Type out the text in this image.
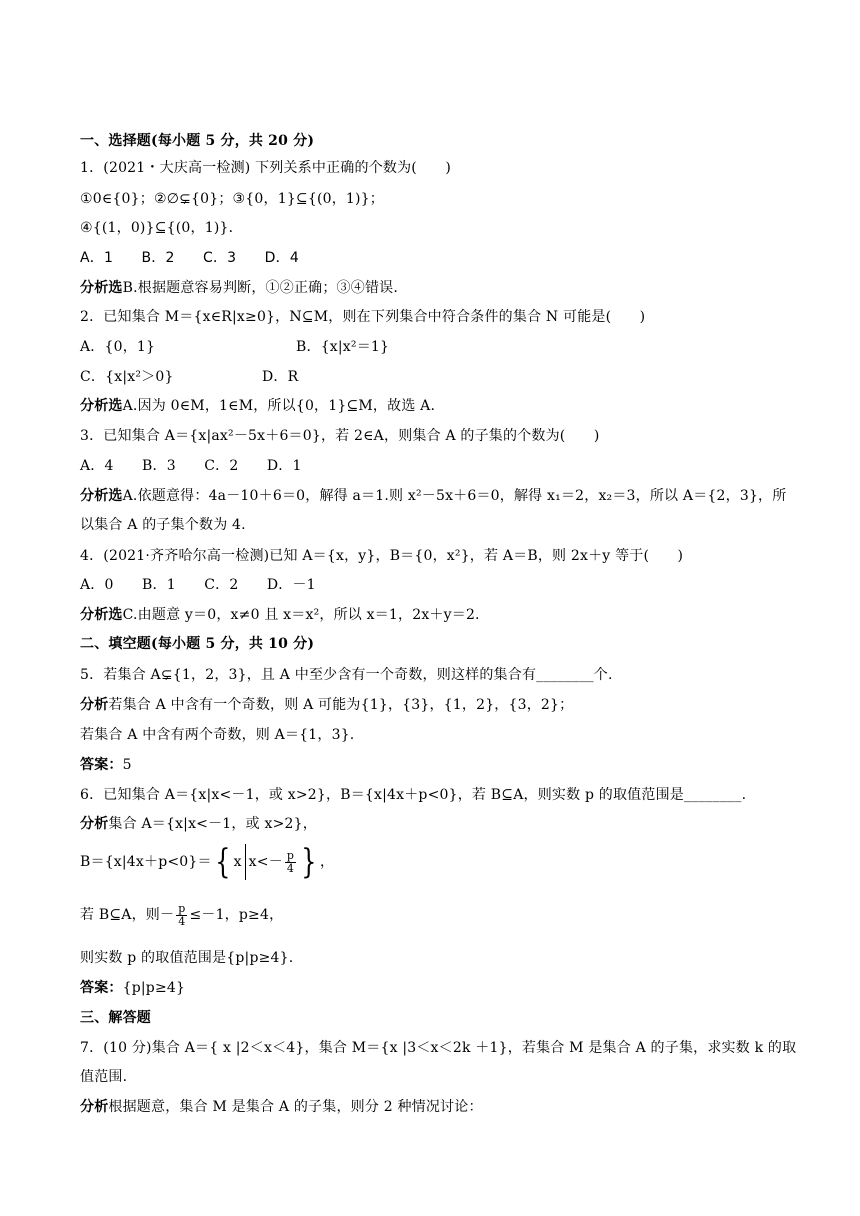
一、选择题(每小题 5 分，共 20 分)
1．(2021・大庆高一检测) 下列关系中正确的个数为(　　)
①0∈{0}；②∅⊊{0}；③{0，1}⊆{(0，1)}；
④{(1，0)}⊆{(0，1)}．
A．1　　B．2　　C．3　　D．4
分析选B.根据题意容易判断，①②正确；③④错误.
2．已知集合 M＝{x∈R|x≥0}，N⊆M，则在下列集合中符合条件的集合 N 可能是(　　)
A．{0，1}	B．{x|x²＝1}
C．{x|x²＞0}	D．R
分析选A.因为 0∈M，1∈M，所以{0，1}⊆M，故选 A.
3．已知集合 A＝{x|ax²－5x＋6＝0}，若 2∈A，则集合 A 的子集的个数为(　　)
A．4　　B．3　　C．2　　D．1
分析选A.依题意得：4a－10＋6＝0，解得 a＝1.则 x²－5x＋6＝0，解得 x₁＝2，x₂＝3，所以 A＝{2，3}，所
以集合 A 的子集个数为 4.
4．(2021·齐齐哈尔高一检测)已知 A＝{x，y}，B＝{0，x²}，若 A＝B，则 2x＋y 等于(　　)
A．0　　B．1　　C．2　　D．－1
分析选C.由题意 y＝0，x≠0 且 x＝x²，所以 x＝1，2x＋y＝2.
二、填空题(每小题 5 分，共 10 分)
5．若集合 A⊊{1，2，3}，且 A 中至少含有一个奇数，则这样的集合有________个.
分析若集合 A 中含有一个奇数，则 A 可能为{1}，{3}，{1，2}，{3，2}；
若集合 A 中含有两个奇数，则 A＝{1，3}.
答案：5
6．已知集合 A＝{x|x<－1，或 x>2}，B＝{x|4x＋p<0}，若 B⊆A，则实数 p 的取值范围是________.
分析集合 A＝{x|x<－1，或 x>2}，
B＝{x|4x＋p<0}＝{ x $x<- \frac{p}{4}$ } ，
若 B⊆A，则－ $\frac{p}{4} \le-1$，p≥4，
则实数 p 的取值范围是{p|p≥4}.
答案：{p|p≥4}
三、解答题
7．(10 分)集合 A＝{ x |2＜x＜4}，集合 M＝{x |3＜x＜2k ＋1}，若集合 M 是集合 A 的子集，求实数 k 的取
值范围.
分析根据题意，集合 M 是集合 A 的子集，则分 2 种情况讨论：
